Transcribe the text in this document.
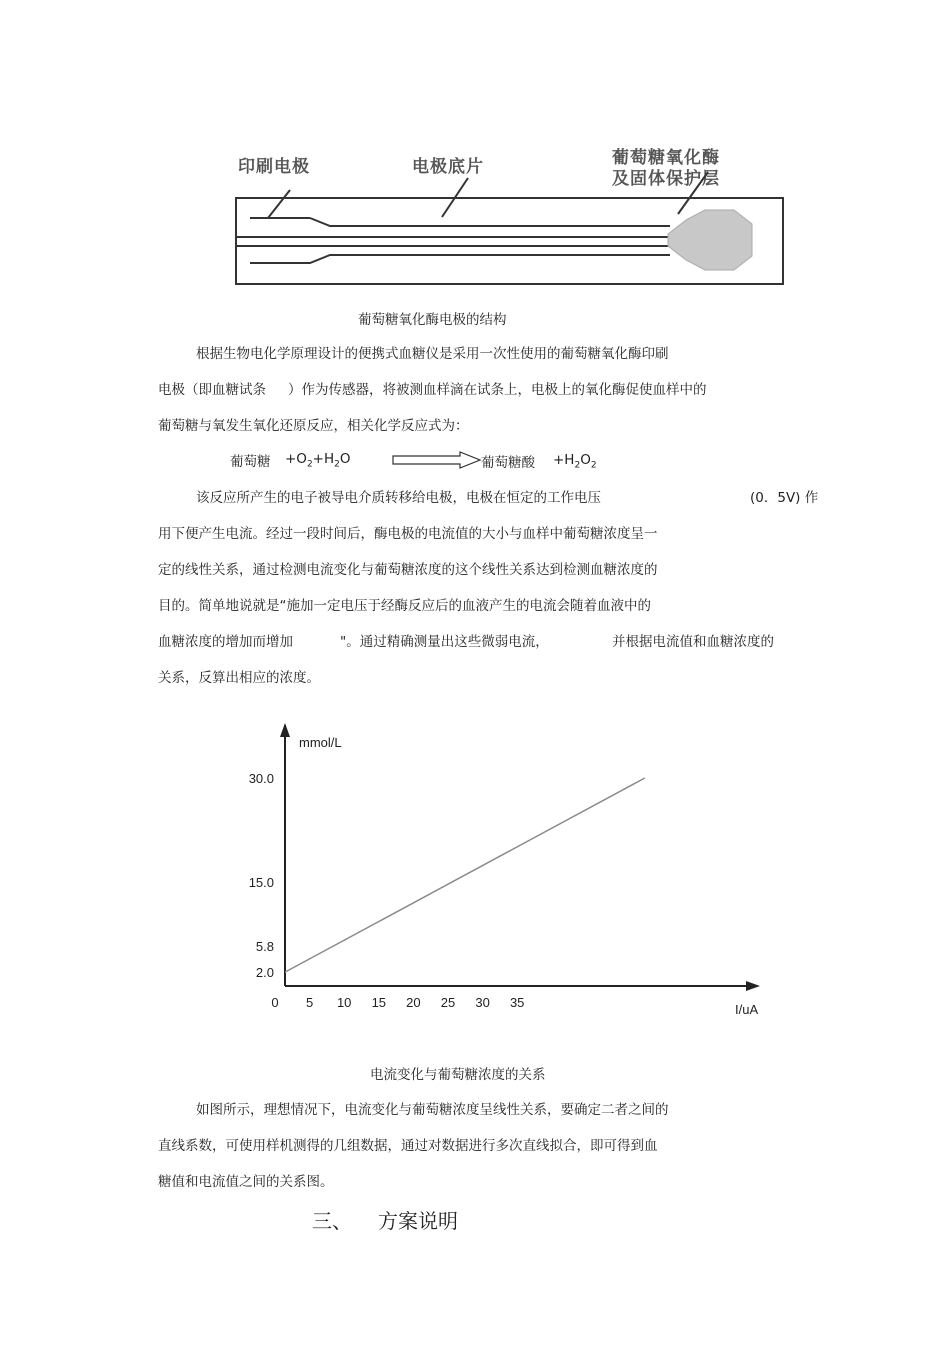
印刷电极	电极底片	葡萄糖氧化酶
及固体保护层
葡萄糖氧化酶电极的结构
根据生物电化学原理设计的便携式血糖仪是采用一次性使用的葡萄糖氧化酶印刷
电极（即血糖试条 ）作为传感器，将被测血样滴在试条上，电极上的氧化酶促使血样中的
葡萄糖与氧发生氧化还原反应，相关化学反应式为：
葡萄糖 $+O_2+H_2O$	葡萄糖酸 $+H_2O_2$
该反应所产生的电子被导电介质转移给电极，电极在恒定的工作电压	(0．5V) 作
用下便产生电流。经过一段时间后，酶电极的电流值的大小与血样中葡萄糖浓度呈一
定的线性关系，通过检测电流变化与葡萄糖浓度的这个线性关系达到检测血糖浓度的
目的。简单地说就是“施加一定电压于经酶反应后的血液产生的电流会随着血液中的
血糖浓度的增加而增加	"。通过精确测量出这些微弱电流，	并根据电流值和血糖浓度的
关系，反算出相应的浓度。
mmol/L
I/uA
0 5 10 15 20 25 30 35
2.0
5.8
15.0
30.0
电流变化与葡萄糖浓度的关系
如图所示，理想情况下，电流变化与葡萄糖浓度呈线性关系，要确定二者之间的
直线系数，可使用样机测得的几组数据，通过对数据进行多次直线拟合，即可得到血
糖值和电流值之间的关系图。
三、 方案说明
